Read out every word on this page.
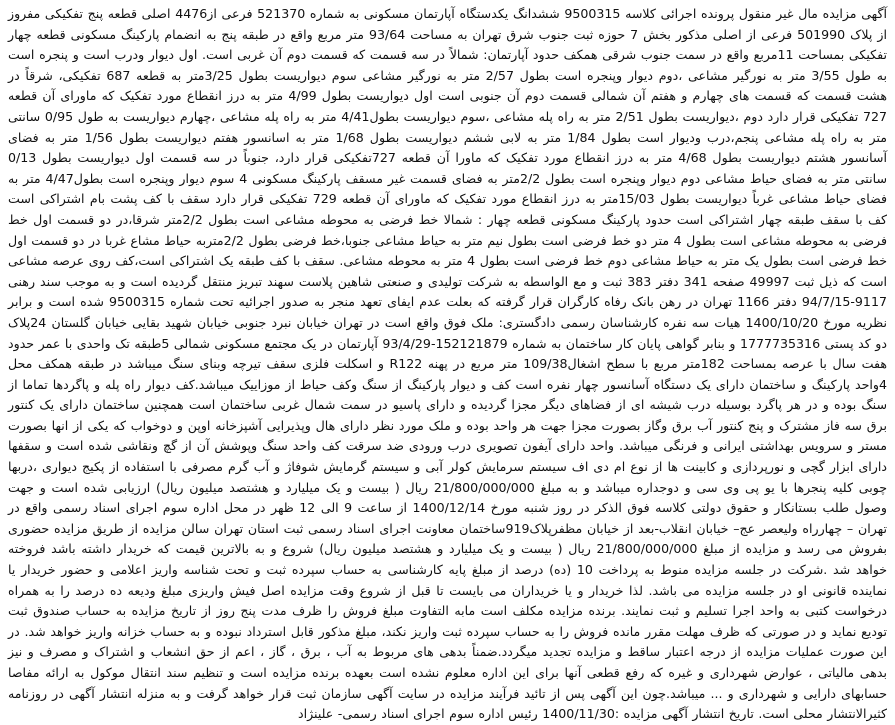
آگهی مزایده مال غیر منقول پرونده اجرائی کلاسه 9500315 ششدانگ یکدستگاه آپارتمان مسکونی به شماره 521370 فرعی از4476 اصلی قطعه پنج تفکیکی مفروز از پلاک 501990 فرعی از اصلی مذکور بخش 7 حوزه ثبت جنوب شرق تهران به مساحت 93/64 متر مربع واقع در طبقه پنج به انضمام پارکینگ مسکونی قطعه چهار تفکیکی بمساحت 11مربع واقع در سمت جنوب شرقی همکف حدود آپارتمان: شمالاً در سه قسمت که قسمت دوم آن غربی است. اول دیوار ودرب است و پنجره است به طول 3/55 متر به نورگیر مشاعی ،دوم دیوار وپنجره است بطول 2/57 متر به نورگیر مشاعی سوم دیواریست بطول 3/25متر به قطعه 687 تفکیکی، شرقاً در هشت قسمت که قسمت های چهارم و هفتم آن شمالی قسمت دوم آن جنوبی است اول دیواریست بطول 4/99 متر به درز انقطاع مورد تفکیک که ماورای آن قطعه 727 تفکیکی قرار دارد دوم ،دیواریست بطول 2/51 متر به راه پله مشاعی ،سوم دیواریست بطول4/41 متر به راه پله مشاعی ،چهارم دیواریست به طول 0/95 سانتی متر به راه پله مشاعی پنجم،درب ودیوار است بطول 1/84 متر به لابی ششم دیواریست بطول 1/68 متر به اسانسور هفتم دیواریست بطول 1/56 متر به فضای آسانسور هشتم دیواریست بطول 4/68 متر به درز انقطاع مورد تفکیک که ماورا آن قطعه 727تفکیکی قرار دارد، جنوباً در سه قسمت اول دیواریست بطول 0/13 سانتی متر به فضای حیاط مشاعی دوم دیوار وپنجره است بطول 2/2متر به فضای قسمت غیر مسقف پارکینگ مسکونی 4 سوم دیوار وپنجره است بطول4/47 متر به فضای حیاط مشاعی غرباً دیواریست بطول 15/03متر به درز انقطاع مورد تفکیک که ماورای آن قطعه 729 تفکیکی قرار دارد سقف با کف پشت بام اشتراکی است کف با سقف طبقه چهار اشتراکی است حدود پارکینگ مسکونی قطعه چهار : شمالا خط فرضی به محوطه مشاعی است بطول 2/2متر شرقا،در دو قسمت اول خط فرضی به محوطه مشاعی است بطول 4 متر دو خط فرضی است بطول نیم متر به حیاط مشاعی جنوبا،خط فرضی بطول 2/2متربه حیاط مشاع غربا در دو قسمت اول خط فرضی است بطول یک متر به حیاط مشاعی دوم خط فرضی است بطول 4 متر به محوطه مشاعی. سقف با کف طبقه یک اشتراکی است،کف روی عرصه مشاعی است که ذیل ثبت 49997 صفحه 341 دفتر 383 ثبت و مع الواسطه به شرکت تولیدی و صنعتی شاهین پلاست سهند تبریز منتقل گردیده است و به موجب سند رهنی 9117-94/7/15 دفتر 1166 تهران در رهن بانک رفاه کارگران قرار گرفته که بعلت عدم ایفای تعهد منجر به صدور اجرائیه تحت شماره 9500315 شده است و برابر نظریه مورخ 1400/10/20 هیات سه نفره کارشناسان رسمی دادگستری: ملک فوق واقع است در تهران خیابان نبرد جنوبی خیابان شهید بقایی خیابان گلستان 24پلاک دو کد پستی 1777735316 و بنابر گواهی پایان کار ساختمان به شماره 152121879-93/4/29 آپارتمان در یک مجتمع مسکونی شمالی 5طبقه تک واحدی با عمر حدود هفت سال با عرصه بمساحت 182متر مربع با سطح اشغال109/38 متر مربع در پهنه R122 و اسکلت فلزی سقف تیرچه وبنای سنگ میباشد در طبقه همکف محل 4واحد پارکینگ و ساختمان دارای یک دستگاه آسانسور چهار نفره است کف و دیوار پارکینگ از سنگ وکف حیاط از موزاییک میباشد.کف دیوار راه پله و پاگردها تماما از سنگ بوده و در هر پاگرد بوسیله درب شیشه ای از فضاهای دیگر مجزا گردیده و دارای پاسیو در سمت شمال غربی ساختمان است همچنین ساختمان دارای یک کنتور برق سه فاز مشترک و پنج کنتور آب برق وگاز بصورت مجزا جهت هر واحد بوده و ملک مورد نظر دارای هال وپذیرایی آشپزخانه اوپن و دوخواب که یکی از انها بصورت مستر و سرویس بهداشتی ایرانی و فرنگی میباشد. واحد دارای آیفون تصویری درب ورودی ضد سرقت کف واحد سنگ وپوشش آن از گچ ونقاشی شده است و سقفها دارای ابزار گچی و نورپردازی و کابینت ها از نوع ام دی اف سیستم سرمایش کولر آبی و سیستم گرمایش شوفاژ و آب گرم مصرفی با استفاده از پکیج دیواری ،دربها چوبی کلیه پنجرها با یو پی وی سی و دوجداره میباشد و به مبلغ 21/800/000/000 ریال ( بیست و یک میلیارد و هشتصد میلیون ریال) ارزیابی شده است و جهت وصول طلب بستانکار و حقوق دولتی کلاسه فوق الذکر در روز شنبه مورخ 1400/12/14 از ساعت 9 الی 12 ظهر در محل اداره سوم اجرای اسناد رسمی واقع در تهران – چهارراه ولیعصر عج– خیابان انقلاب-بعد از خیابان مظفرپلاک919ساختمان معاونت اجرای اسناد رسمی ثبت استان تهران سالن مزایده از طریق مزایده حضوری بفروش می رسد و مزایده از مبلغ 21/800/000/000 ریال ( بیست و یک میلیارد و هشتصد میلیون ریال) شروع و به بالاترین قیمت که خریدار داشته باشد فروخته خواهد شد .شرکت در جلسه مزایده منوط به پرداخت 10 (ده) درصد از مبلغ پایه کارشناسی به حساب سپرده ثبت و تحت شناسه واریز اعلامی و حضور خریدار یا نماینده قانونی او در جلسه مزایده می باشد. لذا خریدار و یا خریداران می بایست تا قبل از شروع وقت مزایده اصل فیش واریزی مبلغ ودیعه ده درصد را به همراه درخواست کتبی به واحد اجرا تسلیم و ثبت نمایند. برنده مزایده مکلف است مابه التفاوت مبلغ فروش را ظرف مدت پنج روز از تاریخ مزایده به حساب صندوق ثبت تودیع نماید و در صورتی که ظرف مهلت مقرر مانده فروش را به حساب سپرده ثبت واریز نکند، مبلغ مذکور قابل استرداد نبوده و به حساب خزانه واریز خواهد شد. در این صورت عملیات مزایده از درجه اعتبار ساقط و مزایده تجدید میگردد.ضمناً بدهی های مربوط به آب ، برق ، گاز ، اعم از حق انشعاب و اشتراک و مصرف و نیز بدهی مالیاتی ، عوارض شهرداری و غیره که رفع قطعی آنها برای این اداره معلوم نشده است بعهده برنده مزایده است و تنظیم سند انتقال موکول به ارائه مفاصا حسابهای دارایی و شهرداری و ... میباشد.چون این آگهی پس از تائید فرآیند مزایده در سایت آگهی سازمان ثبت قرار خواهد گرفت و به منزله انتشار آگهی در روزنامه کثیرالانتشار محلی است. تاریخ انتشار آگهی مزایده :1400/11/30 رئیس اداره سوم اجرای اسناد رسمی- علینژاد
